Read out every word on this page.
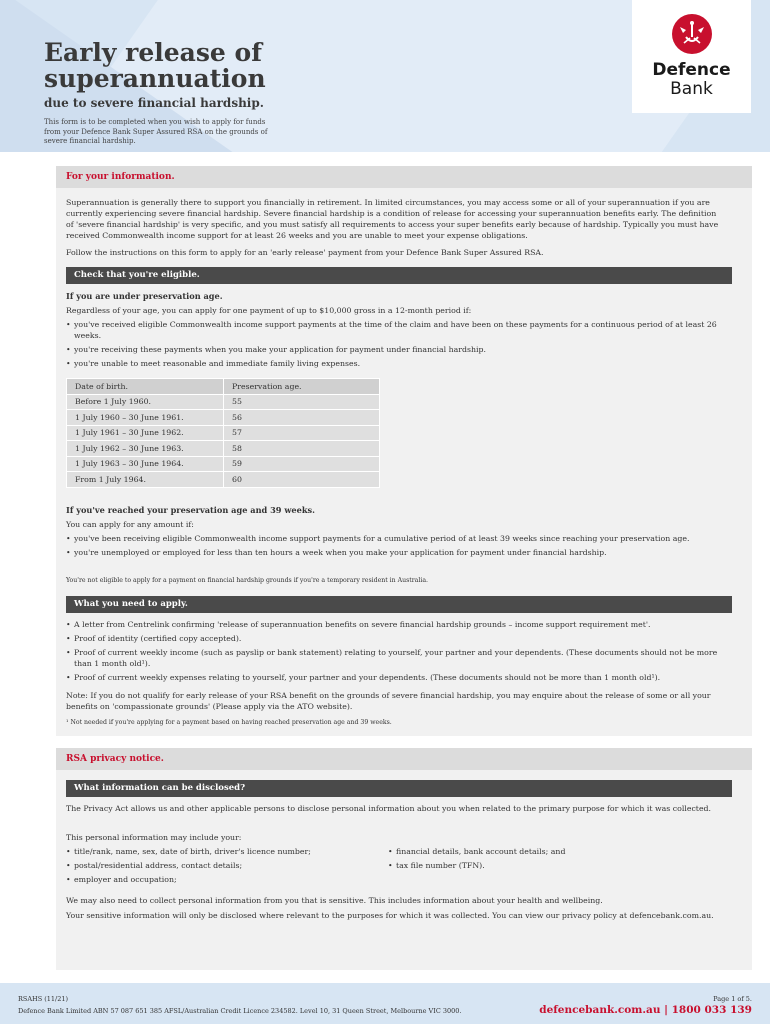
Early release of
superannuation
due to severe financial hardship.
This form is to be completed when you wish to apply for funds from your Defence Bank Super Assured RSA on the grounds of severe financial hardship.
Defence
Bank
For your information.
Superannuation is generally there to support you financially in retirement. In limited circumstances, you may access some or all of your superannuation if you are currently experiencing severe financial hardship. Severe financial hardship is a condition of release for accessing your superannuation benefits early. The definition of 'severe financial hardship' is very specific, and you must satisfy all requirements to access your super benefits early because of hardship. Typically you must have received Commonwealth income support for at least 26 weeks and you are unable to meet your expense obligations.
Follow the instructions on this form to apply for an 'early release' payment from your Defence Bank Super Assured RSA.
Check that you're eligible.
If you are under preservation age.
Regardless of your age, you can apply for one payment of up to $10,000 gross in a 12-month period if:
• you've received eligible Commonwealth income support payments at the time of the claim and have been on these payments for a continuous period of at least 26 weeks.
• you're receiving these payments when you make your application for payment under financial hardship.
• you're unable to meet reasonable and immediate family living expenses.
Date of birth.	Preservation age.
Before 1 July 1960.	55
1 July 1960 – 30 June 1961.	56
1 July 1961 – 30 June 1962.	57
1 July 1962 – 30 June 1963.	58
1 July 1963 – 30 June 1964.	59
From 1 July 1964.	60
If you've reached your preservation age and 39 weeks.
You can apply for any amount if:
• you've been receiving eligible Commonwealth income support payments for a cumulative period of at least 39 weeks since reaching your preservation age.
• you're unemployed or employed for less than ten hours a week when you make your application for payment under financial hardship.
You're not eligible to apply for a payment on financial hardship grounds if you're a temporary resident in Australia.
What you need to apply.
• A letter from Centrelink confirming 'release of superannuation benefits on severe financial hardship grounds – income support requirement met'.
• Proof of identity (certified copy accepted).
• Proof of current weekly income (such as payslip or bank statement) relating to yourself, your partner and your dependents. (These documents should not be more than 1 month old¹).
• Proof of current weekly expenses relating to yourself, your partner and your dependents. (These documents should not be more than 1 month old¹).
Note: If you do not qualify for early release of your RSA benefit on the grounds of severe financial hardship, you may enquire about the release of some or all your benefits on 'compassionate grounds' (Please apply via the ATO website).
¹ Not needed if you're applying for a payment based on having reached preservation age and 39 weeks.
RSA privacy notice.
What information can be disclosed?
The Privacy Act allows us and other applicable persons to disclose personal information about you when related to the primary purpose for which it was collected.
This personal information may include your:
• title/rank, name, sex, date of birth, driver's licence number;
• postal/residential address, contact details;
• employer and occupation;
• financial details, bank account details; and
• tax file number (TFN).
We may also need to collect personal information from you that is sensitive. This includes information about your health and wellbeing.
Your sensitive information will only be disclosed where relevant to the purposes for which it was collected. You can view our privacy policy at defencebank.com.au.
RSAHS (11/21)
Defence Bank Limited ABN 57 087 651 385 AFSL/Australian Credit Licence 234582. Level 10, 31 Queen Street, Melbourne VIC 3000.
Page 1 of 5.
defencebank.com.au | 1800 033 139
